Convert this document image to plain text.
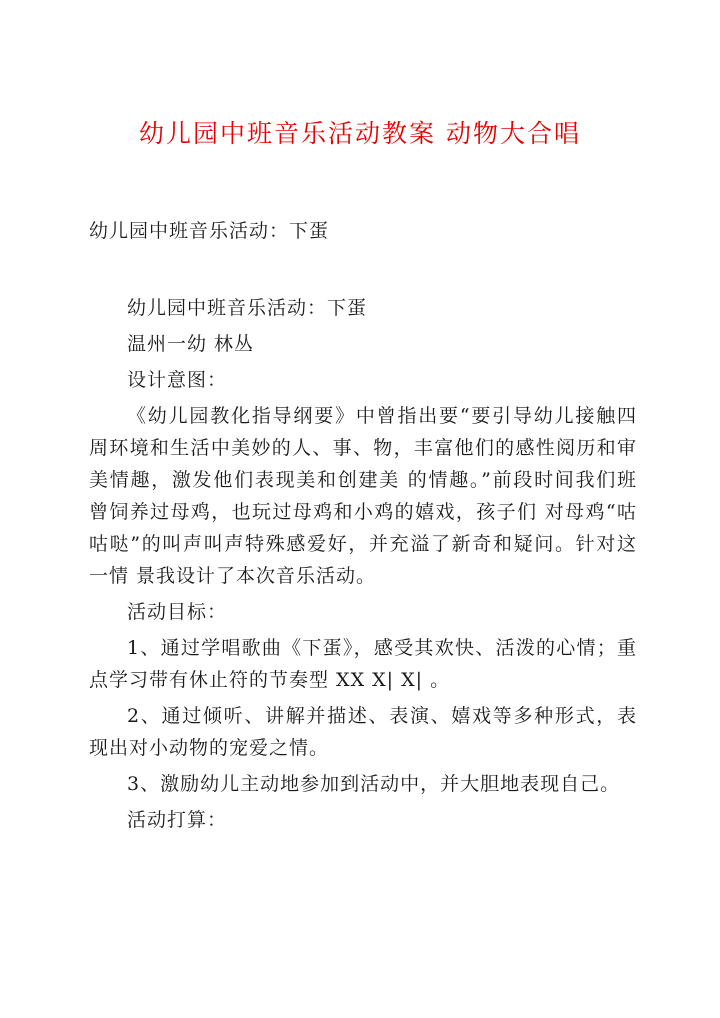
幼儿园中班音乐活动教案 动物大合唱
幼儿园中班音乐活动：下蛋

幼儿园中班音乐活动：下蛋

温州一幼 林丛

设计意图：

《幼儿园教化指导纲要》中曾指出要“要引导幼儿接触四周环境和生活中美妙的人、事、物，丰富他们的感性阅历和审美情趣，激发他们表现美和创建美 的情趣。”前段时间我们班曾饲养过母鸡，也玩过母鸡和小鸡的嬉戏，孩子们 对母鸡“咕咕哒”的叫声叫声特殊感爱好，并充溢了新奇和疑问。针对这一情 景我设计了本次音乐活动。

活动目标：

1、通过学唱歌曲《下蛋》，感受其欢快、活泼的心情；重点学习带有休止符的节奏型 XX X| X| 。

2、通过倾听、讲解并描述、表演、嬉戏等多种形式，表现出对小动物的宠爱之情。

3、激励幼儿主动地参加到活动中，并大胆地表现自己。

活动打算：
